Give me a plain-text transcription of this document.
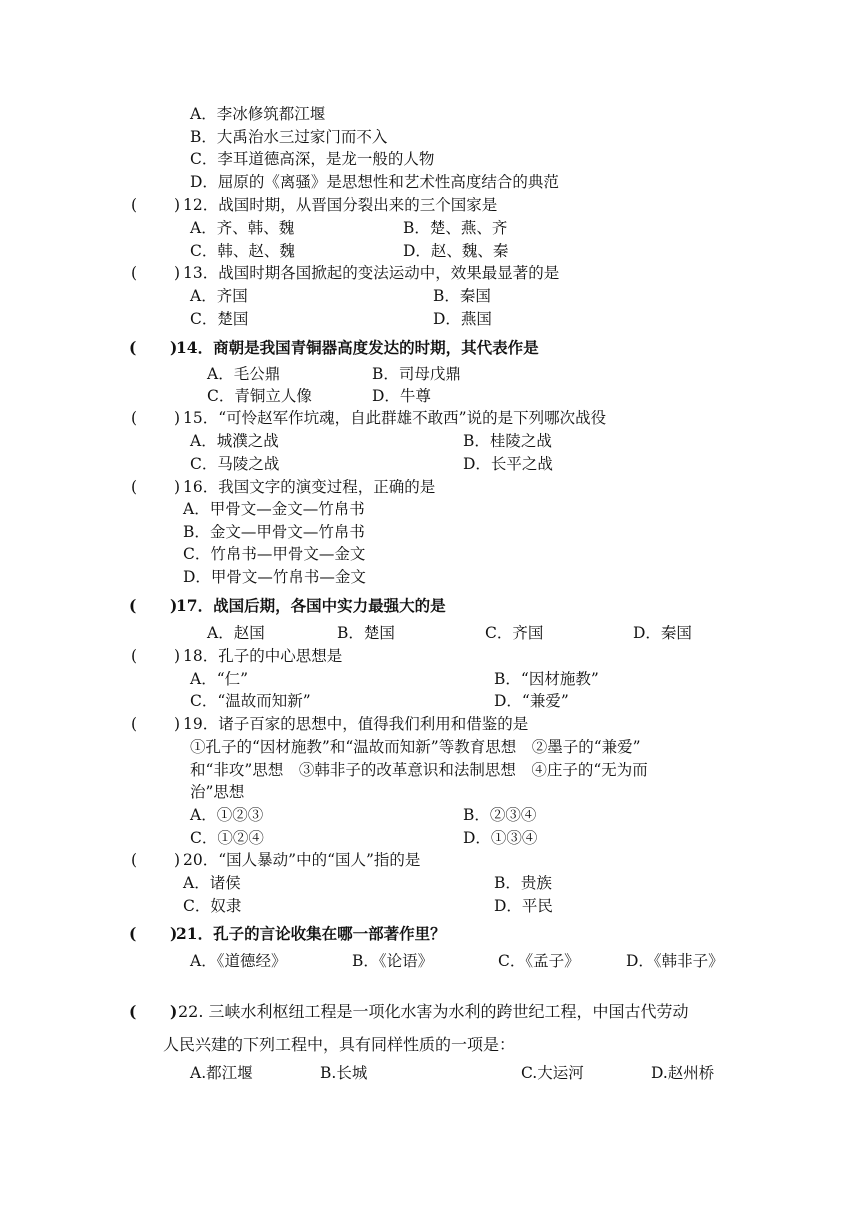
A．李冰修筑都江堰
B．大禹治水三过家门而不入
C．李耳道德高深，是龙一般的人物
D．屈原的《离骚》是思想性和艺术性高度结合的典范
( ) 12．战国时期，从晋国分裂出来的三个国家是
A．齐、韩、魏	B．楚、燕、齐
C．韩、赵、魏	D．赵、魏、秦
( ) 13．战国时期各国掀起的变法运动中，效果最显著的是
A．齐国	B．秦国
C．楚国	D．燕国
( )
14．商朝是我国青铜器高度发达的时期，其代表作是
A．毛公鼎	B．司母戊鼎
C．青铜立人像	D．牛尊
( ) 15．“可怜赵军作坑魂，自此群雄不敢西”说的是下列哪次战役
A．城濮之战	B．桂陵之战
C．马陵之战	D．长平之战
( ) 16．我国文字的演变过程，正确的是
A．甲骨文—金文—竹帛书
B．金文—甲骨文—竹帛书
C．竹帛书—甲骨文—金文
D．甲骨文—竹帛书—金文
( )
17．战国后期，各国中实力最强大的是
A．赵国	B．楚国	C．齐国	D．秦国
( ) 18．孔子的中心思想是
A．“仁”	B．“因材施教”
C．“温故而知新”	D．“兼爱”
( ) 19．诸子百家的思想中，值得我们利用和借鉴的是
①孔子的“因材施教”和“温故而知新”等教育思想　②墨子的“兼爱”
和“非攻”思想　③韩非子的改革意识和法制思想　④庄子的“无为而
治”思想
A．①②③	B．②③④
C．①②④	D．①③④
( ) 20．“国人暴动”中的“国人”指的是
A．诸侯	B．贵族
C．奴隶	D．平民
( )
21．孔子的言论收集在哪一部著作里？
A．《道德经》	B．《论语》	C．《孟子》	D．《韩非子》
( ) 22. 三峡水利枢纽工程是一项化水害为水利的跨世纪工程，中国古代劳动
人民兴建的下列工程中，具有同样性质的一项是：
A.都江堰	B.长城	C.大运河	D.赵州桥
